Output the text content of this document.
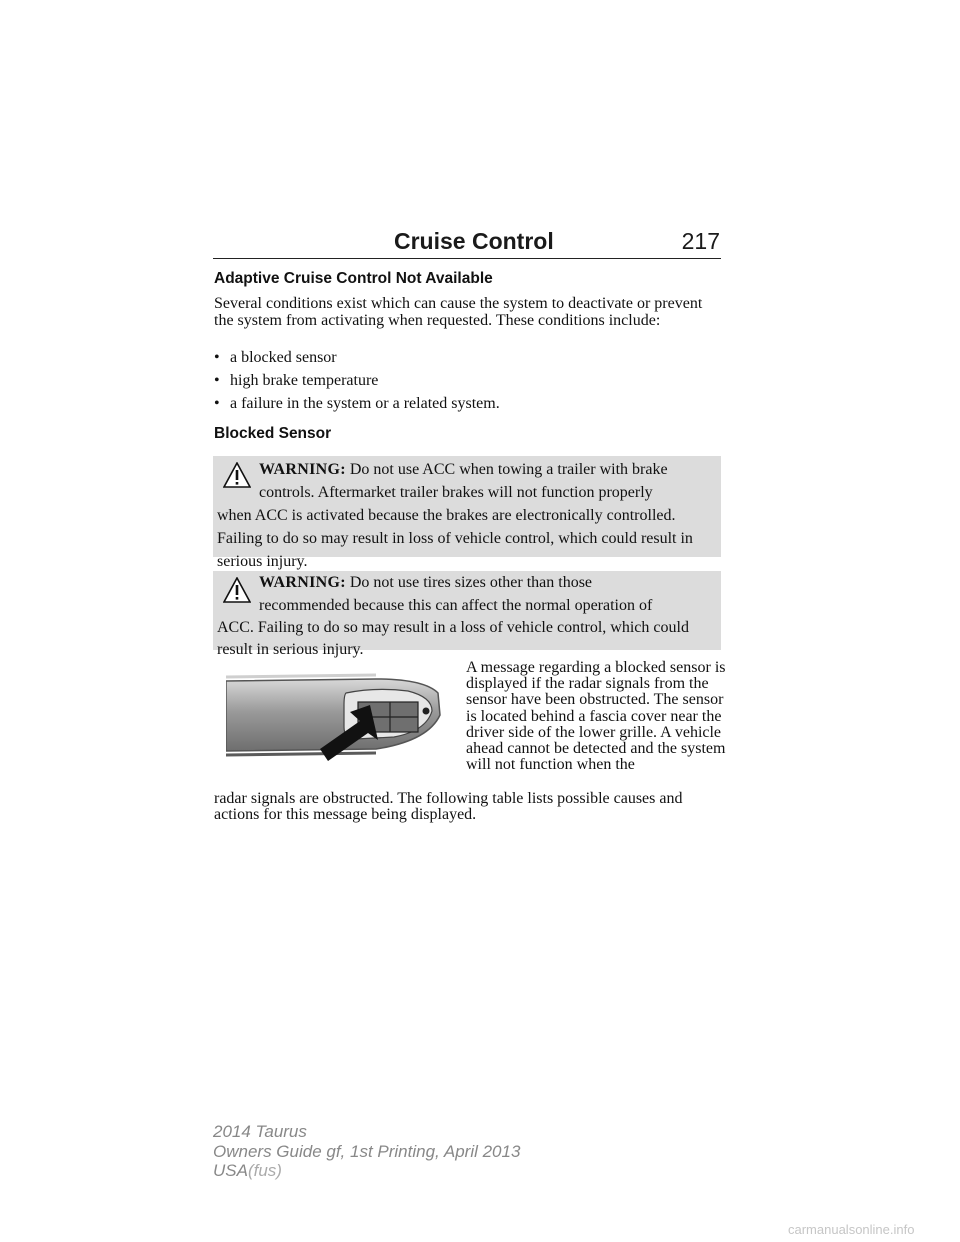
Cruise Control	217
Adaptive Cruise Control Not Available
Several conditions exist which can cause the system to deactivate or prevent the system from activating when requested. These conditions include:
• a blocked sensor
• high brake temperature
• a failure in the system or a related system.
Blocked Sensor
WARNING: Do not use ACC when towing a trailer with brake
controls. Aftermarket trailer brakes will not function properly
when ACC is activated because the brakes are electronically controlled. Failing to do so may result in loss of vehicle control, which could result in serious injury.
WARNING: Do not use tires sizes other than those
recommended because this can affect the normal operation of
ACC. Failing to do so may result in a loss of vehicle control, which could result in serious injury.
A message regarding a blocked sensor is displayed if the radar signals from the sensor have been obstructed. The sensor is located behind a fascia cover near the driver side of the lower grille. A vehicle ahead cannot be detected and the system will not function when the
radar signals are obstructed. The following table lists possible causes and actions for this message being displayed.
2014 Taurus
Owners Guide gf, 1st Printing, April 2013
USA(fus)
carmanualsonline.info
